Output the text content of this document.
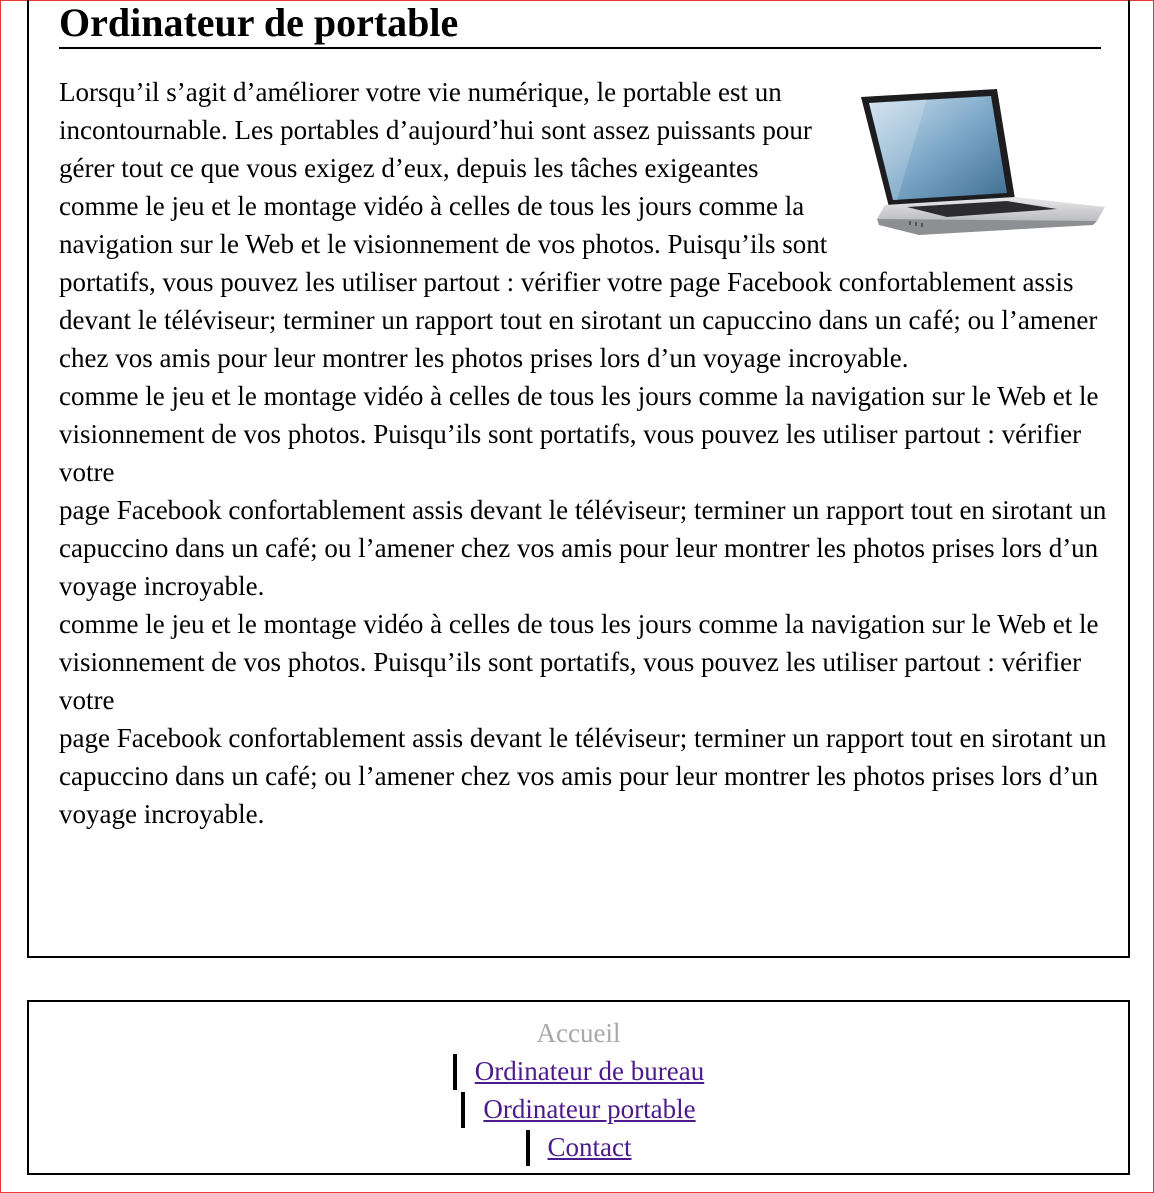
Ordinateur de portable

Lorsqu’il s’agit d’améliorer votre vie numérique, le portable est un incontournable. Les portables d’aujourd’hui sont assez puissants pour gérer tout ce que vous exigez d’eux, depuis les tâches exigeantes

comme le jeu et le montage vidéo à celles de tous les jours comme la navigation sur le Web et le visionnement de vos photos. Puisqu’ils sont portatifs, vous pouvez les utiliser partout : vérifier votre page Facebook confortablement assis devant le téléviseur; terminer un rapport tout en sirotant un capuccino dans un café; ou l’amener chez vos amis pour leur montrer les photos prises lors d’un voyage incroyable.

comme le jeu et le montage vidéo à celles de tous les jours comme la navigation sur le Web et le visionnement de vos photos. Puisqu’ils sont portatifs, vous pouvez les utiliser partout : vérifier votre

page Facebook confortablement assis devant le téléviseur; terminer un rapport tout en sirotant un capuccino dans un café; ou l’amener chez vos amis pour leur montrer les photos prises lors d’un voyage incroyable.

comme le jeu et le montage vidéo à celles de tous les jours comme la navigation sur le Web et le visionnement de vos photos. Puisqu’ils sont portatifs, vous pouvez les utiliser partout : vérifier votre

page Facebook confortablement assis devant le téléviseur; terminer un rapport tout en sirotant un capuccino dans un café; ou l’amener chez vos amis pour leur montrer les photos prises lors d’un voyage incroyable.

Accueil
Ordinateur de bureau
Ordinateur portable
Contact
